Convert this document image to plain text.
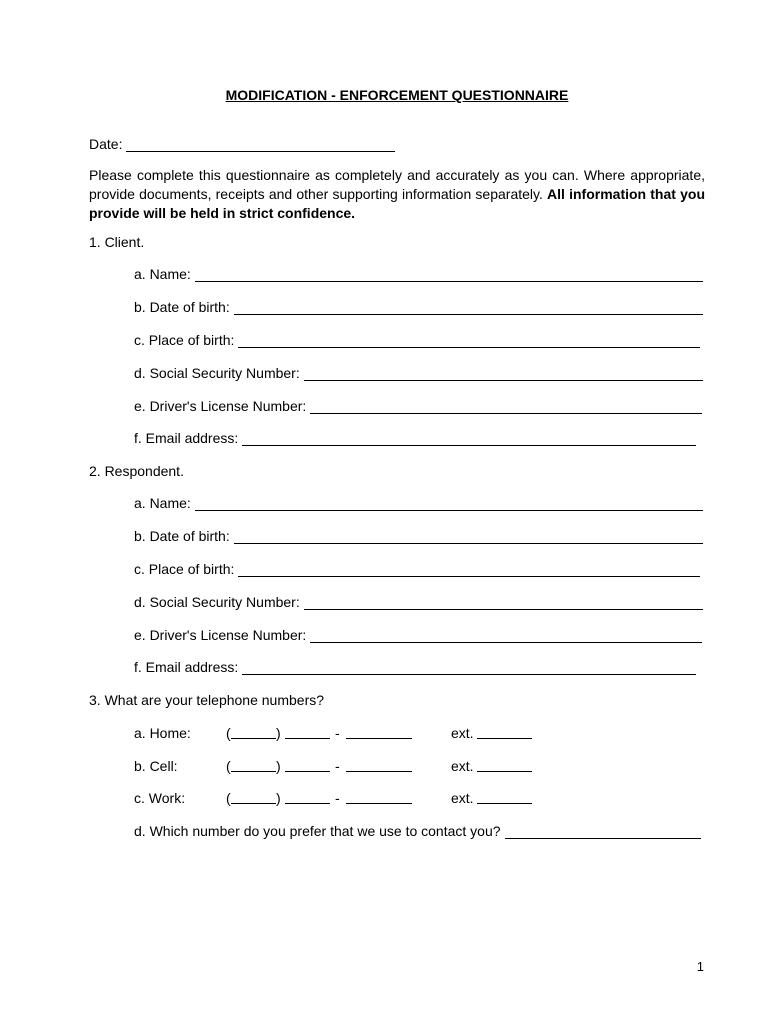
MODIFICATION - ENFORCEMENT QUESTIONNAIRE
Date:
Please complete this questionnaire as completely and accurately as you can. Where appropriate, provide documents, receipts and other supporting information separately. All information that you provide will be held in strict confidence.
1. Client.
a. Name:
b. Date of birth:
c. Place of birth:
d. Social Security Number:
e. Driver's License Number:
f. Email address:
2. Respondent.
a. Name:
b. Date of birth:
c. Place of birth:
d. Social Security Number:
e. Driver's License Number:
f. Email address:
3. What are your telephone numbers?
a. Home:	(	)	-	ext.
b. Cell:	(	)	-	ext.
c. Work:	(	)	-	ext.
d. Which number do you prefer that we use to contact you?
1
